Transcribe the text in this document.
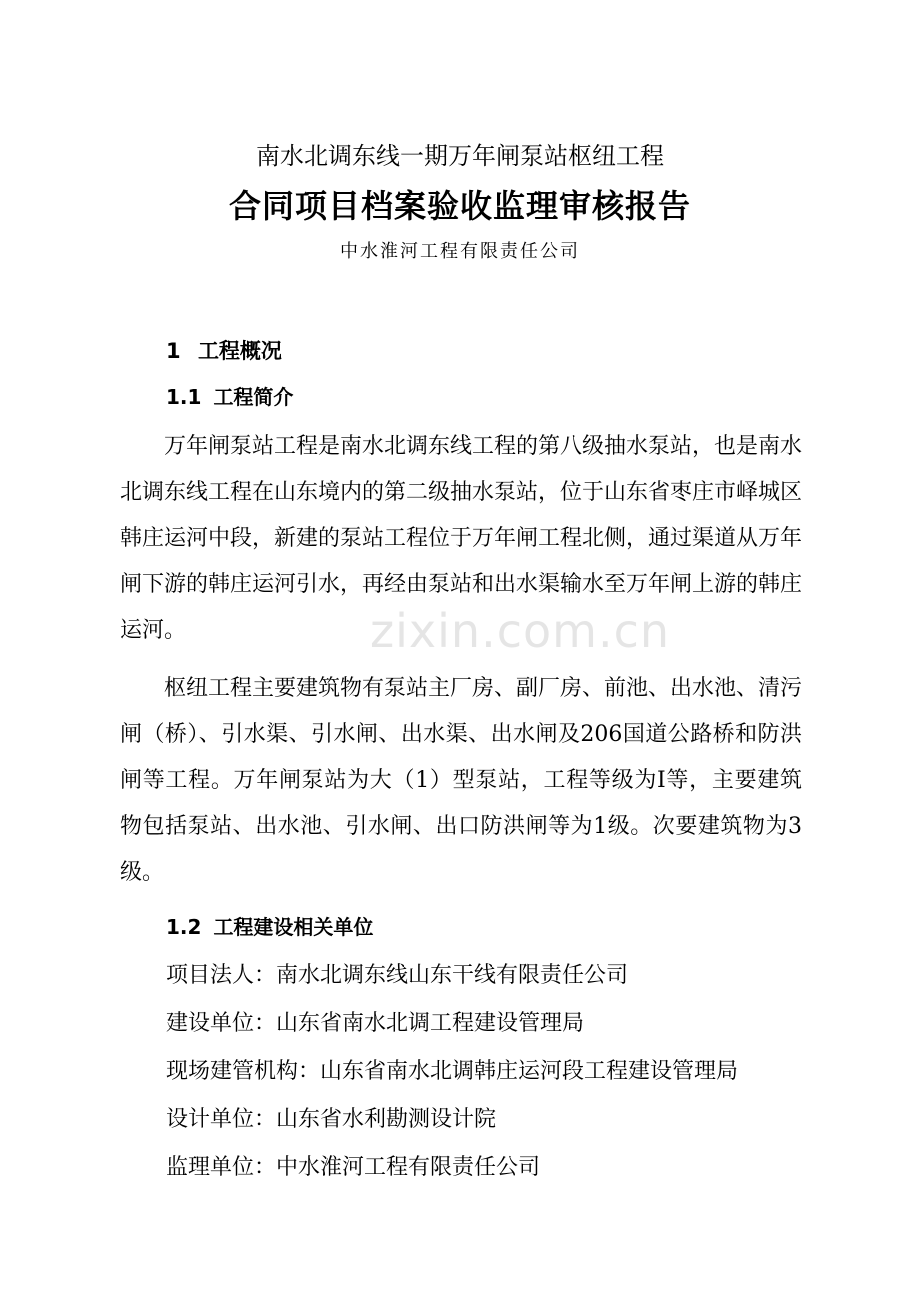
南水北调东线一期万年闸泵站枢纽工程
合同项目档案验收监理审核报告
中水淮河工程有限责任公司
1 工程概况
1.1 工程简介
万年闸泵站工程是南水北调东线工程的第八级抽水泵站，也是南水北调东线工程在山东境内的第二级抽水泵站，位于山东省枣庄市峄城区韩庄运河中段，新建的泵站工程位于万年闸工程北侧，通过渠道从万年闸下游的韩庄运河引水，再经由泵站和出水渠输水至万年闸上游的韩庄运河。
枢纽工程主要建筑物有泵站主厂房、副厂房、前池、出水池、清污闸（桥）、引水渠、引水闸、出水渠、出水闸及206国道公路桥和防洪闸等工程。万年闸泵站为大（1）型泵站，工程等级为I等，主要建筑物包括泵站、出水池、引水闸、出口防洪闸等为1级。次要建筑物为3级。
1.2 工程建设相关单位
项目法人：南水北调东线山东干线有限责任公司
建设单位：山东省南水北调工程建设管理局
现场建管机构：山东省南水北调韩庄运河段工程建设管理局
设计单位：山东省水利勘测设计院
监理单位：中水淮河工程有限责任公司
zixin.com.cn
